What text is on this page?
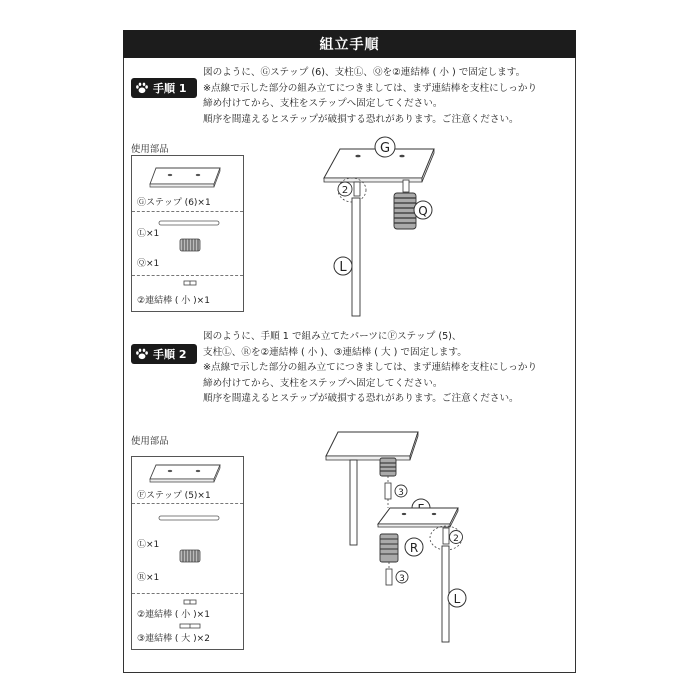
組立手順
手順 1
図のように、Ⓖステップ (6)、支柱Ⓛ、Ⓠを②連結棒 ( 小 ) で固定します。
※点線で示した部分の組み立てにつきましては、まず連結棒を支柱にしっかり
締め付けてから、支柱をステップへ固定してください。
順序を間違えるとステップが破損する恐れがあります。ご注意ください。
使用部品
Ⓖステップ (6)×1
Ⓛ×1
Ⓠ×1
②連結棒 ( 小 )×1
G
2
L
Q
手順 2
図のように、手順 1 で組み立てたパーツにⒻステップ (5)、
支柱Ⓛ、Ⓡを②連結棒 ( 小 )、③連結棒 ( 大 ) で固定します。
※点線で示した部分の組み立てにつきましては、まず連結棒を支柱にしっかり
締め付けてから、支柱をステップへ固定してください。
順序を間違えるとステップが破損する恐れがあります。ご注意ください。
使用部品
Ⓕステップ (5)×1
Ⓛ×1
Ⓡ×1
②連結棒 ( 小 )×1
③連結棒 ( 大 )×2
3
2
R
3
L
